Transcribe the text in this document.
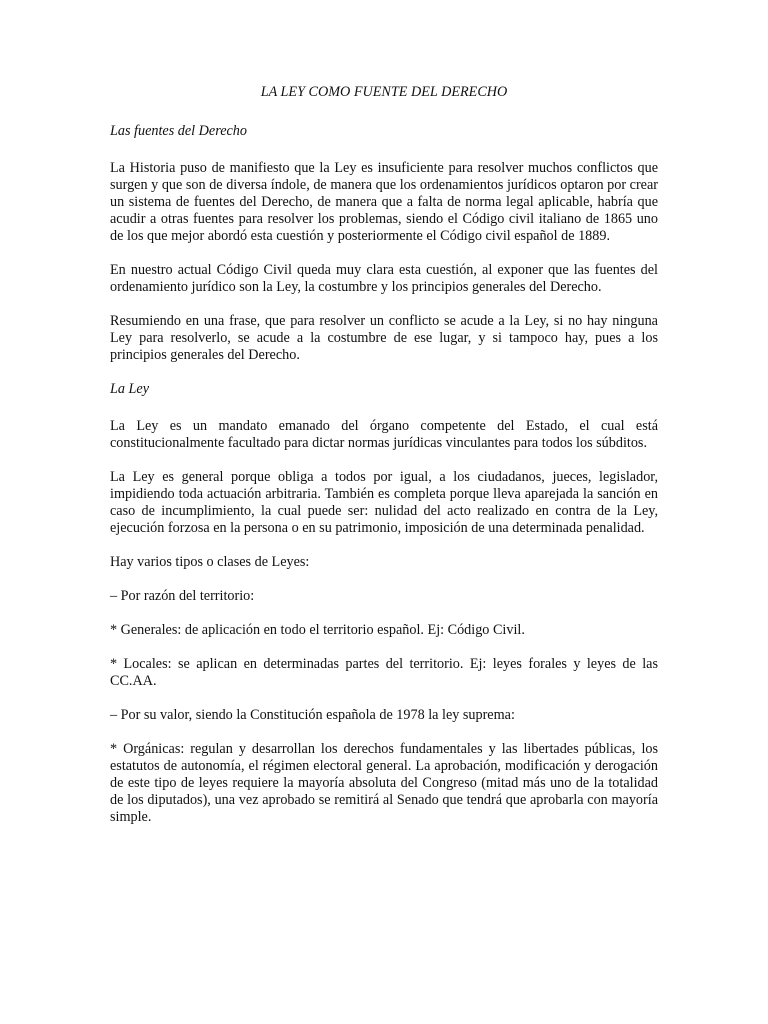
LA LEY COMO FUENTE DEL DERECHO
Las fuentes del Derecho
La Historia puso de manifiesto que la Ley es insuficiente para resolver muchos conflictos que surgen y que son de diversa índole, de manera que los ordenamientos jurídicos optaron por crear un sistema de fuentes del Derecho, de manera que a falta de norma legal aplicable, habría que acudir a otras fuentes para resolver los problemas, siendo el Código civil italiano de 1865 uno de los que mejor abordó esta cuestión y posteriormente el Código civil español de 1889.
En nuestro actual Código Civil queda muy clara esta cuestión, al exponer que las fuentes del ordenamiento jurídico son la Ley, la costumbre y los principios generales del Derecho.
Resumiendo en una frase, que para resolver un conflicto se acude a la Ley, si no hay ninguna Ley para resolverlo, se acude a la costumbre de ese lugar, y si tampoco hay, pues a los principios generales del Derecho.
La Ley
La Ley es un mandato emanado del órgano competente del Estado, el cual está constitucionalmente facultado para dictar normas jurídicas vinculantes para todos los súbditos.
La Ley es general porque obliga a todos por igual, a los ciudadanos, jueces, legislador, impidiendo toda actuación arbitraria. También es completa porque lleva aparejada la sanción en caso de incumplimiento, la cual puede ser: nulidad del acto realizado en contra de la Ley, ejecución forzosa en la persona o en su patrimonio, imposición de una determinada penalidad.
Hay varios tipos o clases de Leyes:
– Por razón del territorio:
* Generales: de aplicación en todo el territorio español. Ej: Código Civil.
* Locales: se aplican en determinadas partes del territorio. Ej: leyes forales y leyes de las CC.AA.
– Por su valor, siendo la Constitución española de 1978 la ley suprema:
* Orgánicas: regulan y desarrollan los derechos fundamentales y las libertades públicas, los estatutos de autonomía, el régimen electoral general. La aprobación, modificación y derogación de este tipo de leyes requiere la mayoría absoluta del Congreso (mitad más uno de la totalidad de los diputados), una vez aprobado se remitirá al Senado que tendrá que aprobarla con mayoría simple.
